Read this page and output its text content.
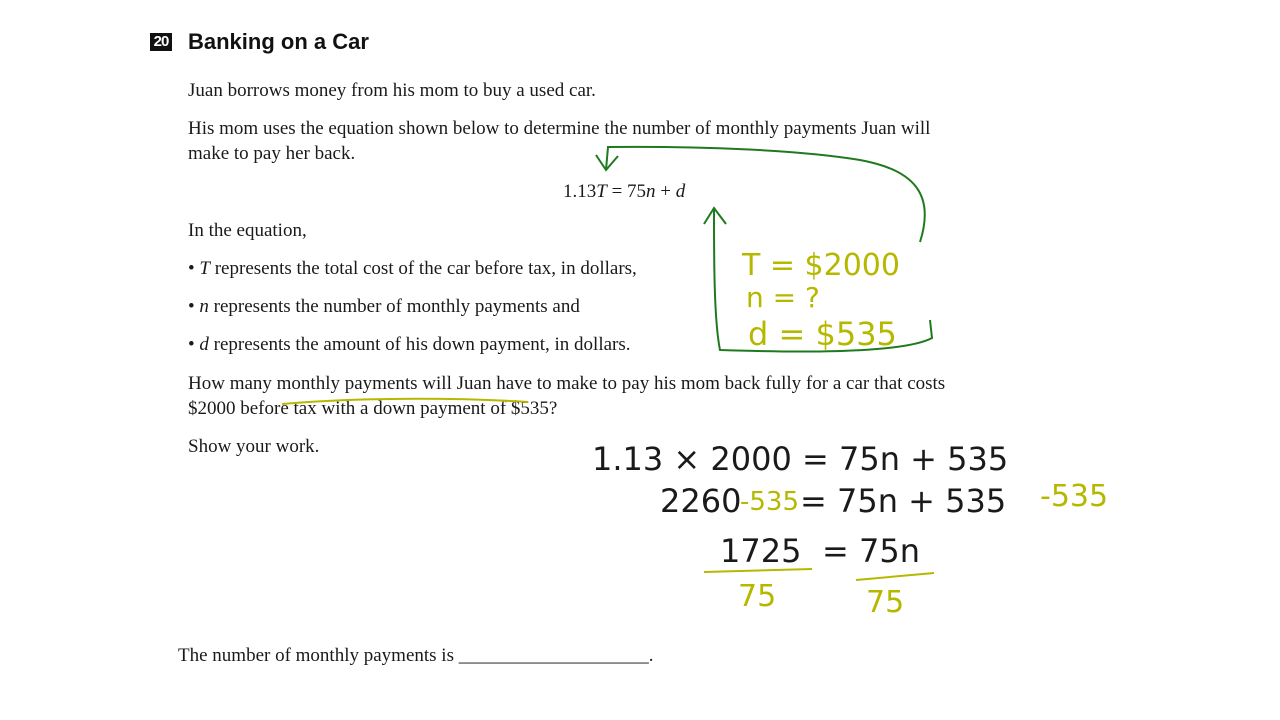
20 Banking on a Car
Juan borrows money from his mom to buy a used car.
His mom uses the equation shown below to determine the number of monthly payments Juan will
make to pay her back.
1.13T = 75n + d
In the equation,
• T represents the total cost of the car before tax, in dollars,
• n represents the number of monthly payments and
• d represents the amount of his down payment, in dollars.
How many monthly payments will Juan have to make to pay his mom back fully for a car that costs
$2000 before tax with a down payment of $535?
Show your work.
The number of monthly payments is ____________________.
T = $2000
n = ?
d = $535
1.13 × 2000 = 75n + 535
2260
-535 = 75n + 535 -535
1725 = 75n
75	75
